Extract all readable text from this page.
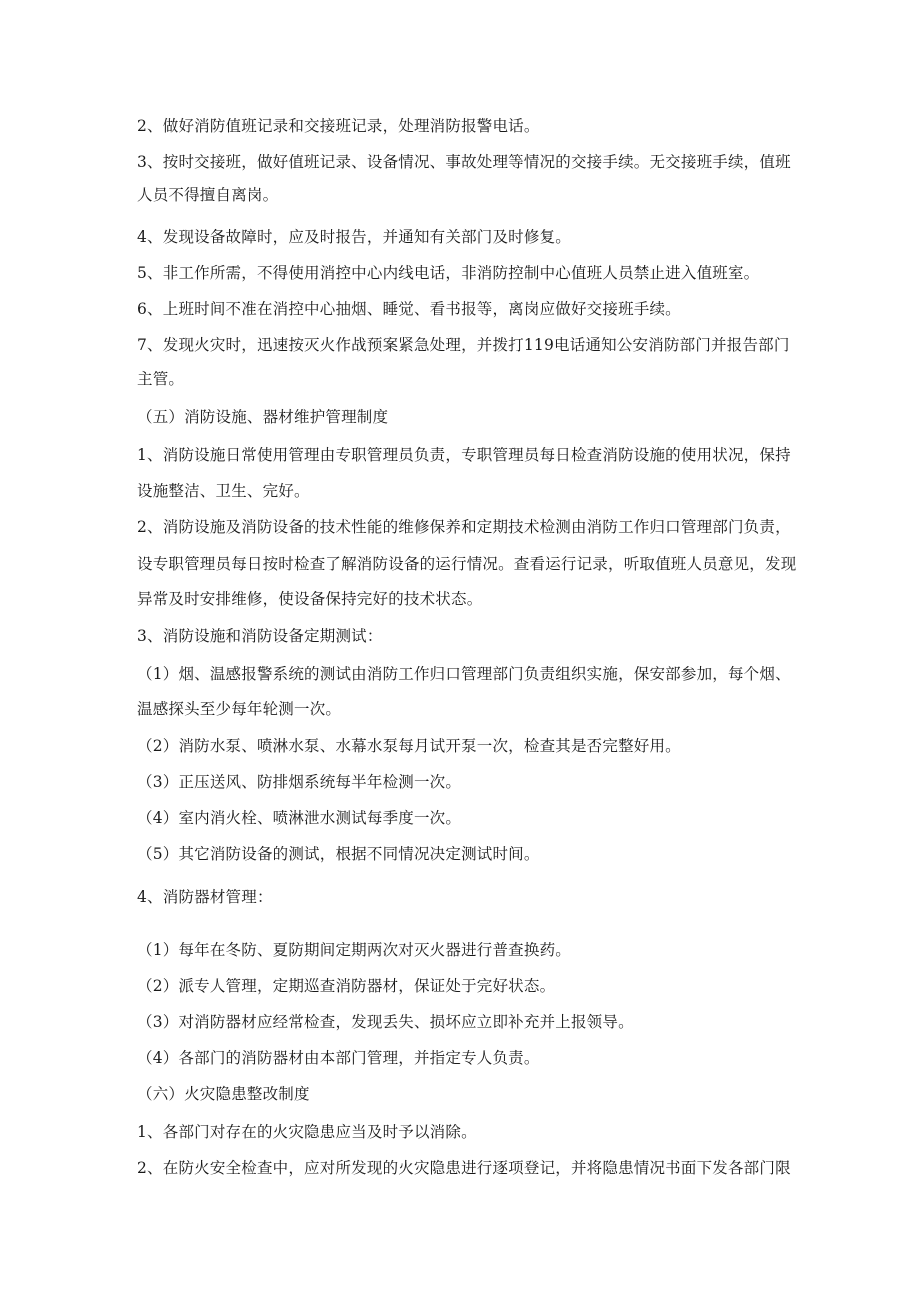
2、做好消防值班记录和交接班记录，处理消防报警电话。
3、按时交接班，做好值班记录、设备情况、事故处理等情况的交接手续。无交接班手续，值班
人员不得擅自离岗。
4、发现设备故障时，应及时报告，并通知有关部门及时修复。
5、非工作所需，不得使用消控中心内线电话，非消防控制中心值班人员禁止进入值班室。
6、上班时间不准在消控中心抽烟、睡觉、看书报等，离岗应做好交接班手续。
7、发现火灾时，迅速按灭火作战预案紧急处理，并拨打119电话通知公安消防部门并报告部门
主管。
（五）消防设施、器材维护管理制度
1、消防设施日常使用管理由专职管理员负责，专职管理员每日检查消防设施的使用状况，保持
设施整洁、卫生、完好。
2、消防设施及消防设备的技术性能的维修保养和定期技术检测由消防工作归口管理部门负责，
设专职管理员每日按时检查了解消防设备的运行情况。查看运行记录，听取值班人员意见，发现
异常及时安排维修，使设备保持完好的技术状态。
3、消防设施和消防设备定期测试：
（1）烟、温感报警系统的测试由消防工作归口管理部门负责组织实施，保安部参加，每个烟、
温感探头至少每年轮测一次。
（2）消防水泵、喷淋水泵、水幕水泵每月试开泵一次，检查其是否完整好用。
（3）正压送风、防排烟系统每半年检测一次。
（4）室内消火栓、喷淋泄水测试每季度一次。
（5）其它消防设备的测试，根据不同情况决定测试时间。
4、消防器材管理：
（1）每年在冬防、夏防期间定期两次对灭火器进行普查换药。
（2）派专人管理，定期巡查消防器材，保证处于完好状态。
（3）对消防器材应经常检查，发现丢失、损坏应立即补充并上报领导。
（4）各部门的消防器材由本部门管理，并指定专人负责。
（六）火灾隐患整改制度
1、各部门对存在的火灾隐患应当及时予以消除。
2、在防火安全检查中，应对所发现的火灾隐患进行逐项登记，并将隐患情况书面下发各部门限
